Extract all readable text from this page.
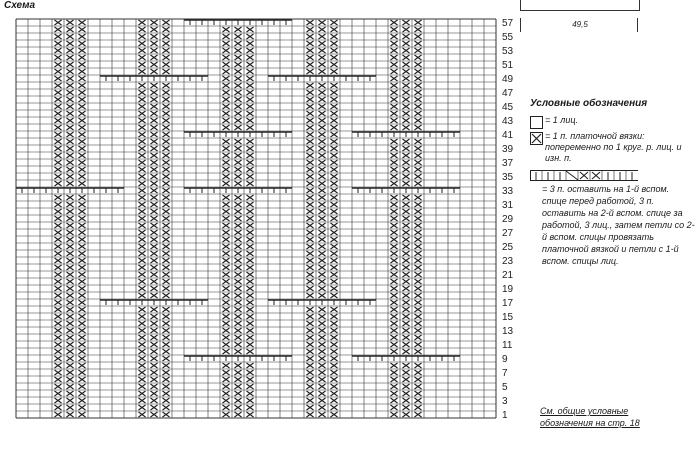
Схема
57
55
53
51
49
47
45
43
41
39
37
35
33
31
29
27
25
23
21
19
17
15
13
11
9
7
5
3
1
49,5
Условные обозначения
= 1 лиц.
= 1 п. платочной вязки: попеременно по 1 круг. р. лиц. и изн. п.
= 3 п. оставить на 1-й вспом. спице перед работой, 3 п. оставить на 2-й вспом. спице за работой, 3 лиц., затем петли со 2-й вспом. спицы провязать платочной вязкой и петли с 1-й вспом. спицы лиц.
См. общие условные обозначения на стр. 18
